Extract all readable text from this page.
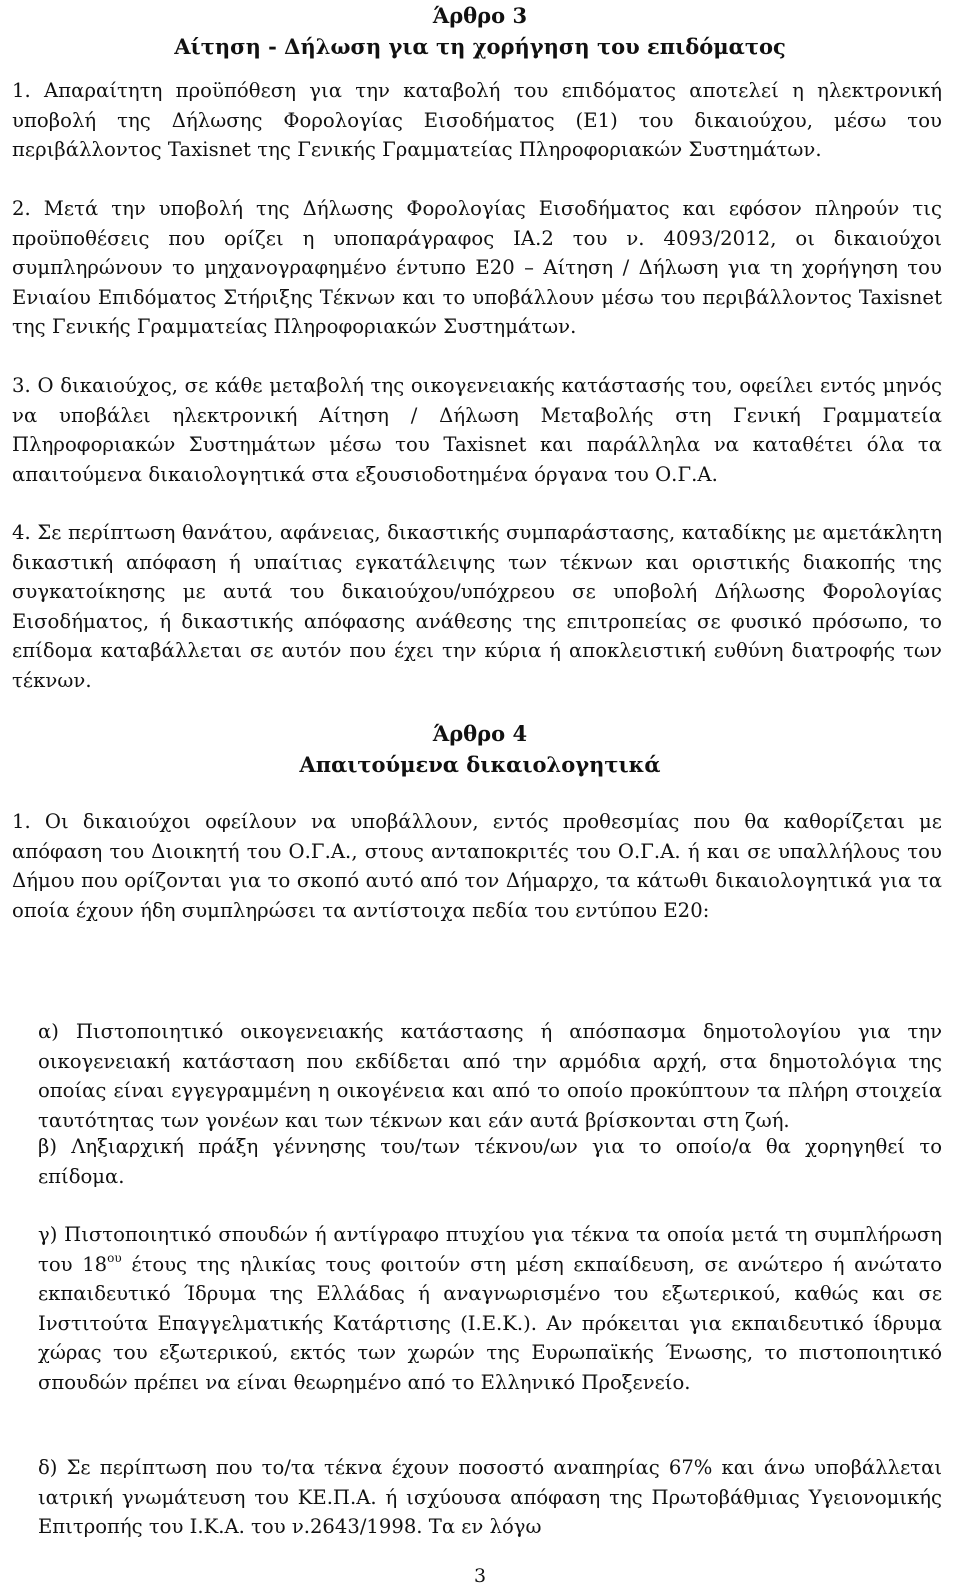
Άρθρο 3

Αίτηση - Δήλωση για τη χορήγηση του επιδόματος

1. Απαραίτητη προϋπόθεση για την καταβολή του επιδόματος αποτελεί η ηλεκτρονική υποβολή της Δήλωσης Φορολογίας Εισοδήματος (Ε1) του δικαιούχου, μέσω του περιβάλλοντος Taxisnet της Γενικής Γραμματείας Πληροφοριακών Συστημάτων.

2. Μετά την υποβολή της Δήλωσης Φορολογίας Εισοδήματος και εφόσον πληρούν τις προϋποθέσεις που ορίζει η υποπαράγραφος ΙΑ.2 του ν. 4093/2012, οι δικαιούχοι συμπληρώνουν το μηχανογραφημένο έντυπο Ε20 – Αίτηση / Δήλωση για τη χορήγηση του Ενιαίου Επιδόματος Στήριξης Τέκνων και το υποβάλλουν μέσω του περιβάλλοντος Taxisnet της Γενικής Γραμματείας Πληροφοριακών Συστημάτων.

3. Ο δικαιούχος, σε κάθε μεταβολή της οικογενειακής κατάστασής του, οφείλει εντός μηνός να υποβάλει ηλεκτρονική Αίτηση / Δήλωση Μεταβολής στη Γενική Γραμματεία Πληροφοριακών Συστημάτων μέσω του Taxisnet και παράλληλα να καταθέτει όλα τα απαιτούμενα δικαιολογητικά στα εξουσιοδοτημένα όργανα του Ο.Γ.Α.

4. Σε περίπτωση θανάτου, αφάνειας, δικαστικής συμπαράστασης, καταδίκης με αμετάκλητη δικαστική απόφαση ή υπαίτιας εγκατάλειψης των τέκνων και οριστικής διακοπής της συγκατοίκησης με αυτά του δικαιούχου/υπόχρεου σε υποβολή Δήλωσης Φορολογίας Εισοδήματος, ή δικαστικής απόφασης ανάθεσης της επιτροπείας σε φυσικό πρόσωπο, το επίδομα καταβάλλεται σε αυτόν που έχει την κύρια ή αποκλειστική ευθύνη διατροφής των τέκνων.

Άρθρο 4

Απαιτούμενα δικαιολογητικά

1. Οι δικαιούχοι οφείλουν να υποβάλλουν, εντός προθεσμίας που θα καθορίζεται με απόφαση του Διοικητή του Ο.Γ.Α., στους ανταποκριτές του Ο.Γ.Α. ή και σε υπαλλήλους του Δήμου που ορίζονται για το σκοπό αυτό από τον Δήμαρχο, τα κάτωθι δικαιολογητικά για τα οποία έχουν ήδη συμπληρώσει τα αντίστοιχα πεδία του εντύπου Ε20:

α) Πιστοποιητικό οικογενειακής κατάστασης ή απόσπασμα δημοτολογίου για την οικογενειακή κατάσταση που εκδίδεται από την αρμόδια αρχή, στα δημοτολόγια της οποίας είναι εγγεγραμμένη η οικογένεια και από το οποίο προκύπτουν τα πλήρη στοιχεία ταυτότητας των γονέων και των τέκνων και εάν αυτά βρίσκονται στη ζωή.

β) Ληξιαρχική πράξη γέννησης του/των τέκνου/ων για το οποίο/α θα χορηγηθεί το επίδομα.

γ) Πιστοποιητικό σπουδών ή αντίγραφο πτυχίου για τέκνα τα οποία μετά τη συμπλήρωση του $18^{o\upsilon}$ έτους της ηλικίας τους φοιτούν στη μέση εκπαίδευση, σε ανώτερο ή ανώτατο εκπαιδευτικό Ίδρυμα της Ελλάδας ή αναγνωρισμένο του εξωτερικού, καθώς και σε Ινστιτούτα Επαγγελματικής Κατάρτισης (Ι.Ε.Κ.). Αν πρόκειται για εκπαιδευτικό ίδρυμα χώρας του εξωτερικού, εκτός των χωρών της Ευρωπαϊκής Ένωσης, το πιστοποιητικό σπουδών πρέπει να είναι θεωρημένο από το Ελληνικό Προξενείο.

δ) Σε περίπτωση που το/τα τέκνα έχουν ποσοστό αναπηρίας 67% και άνω υποβάλλεται ιατρική γνωμάτευση του ΚΕ.Π.Α. ή ισχύουσα απόφαση της Πρωτοβάθμιας Υγειονομικής Επιτροπής του Ι.Κ.Α. του ν.2643/1998. Τα εν λόγω

3
